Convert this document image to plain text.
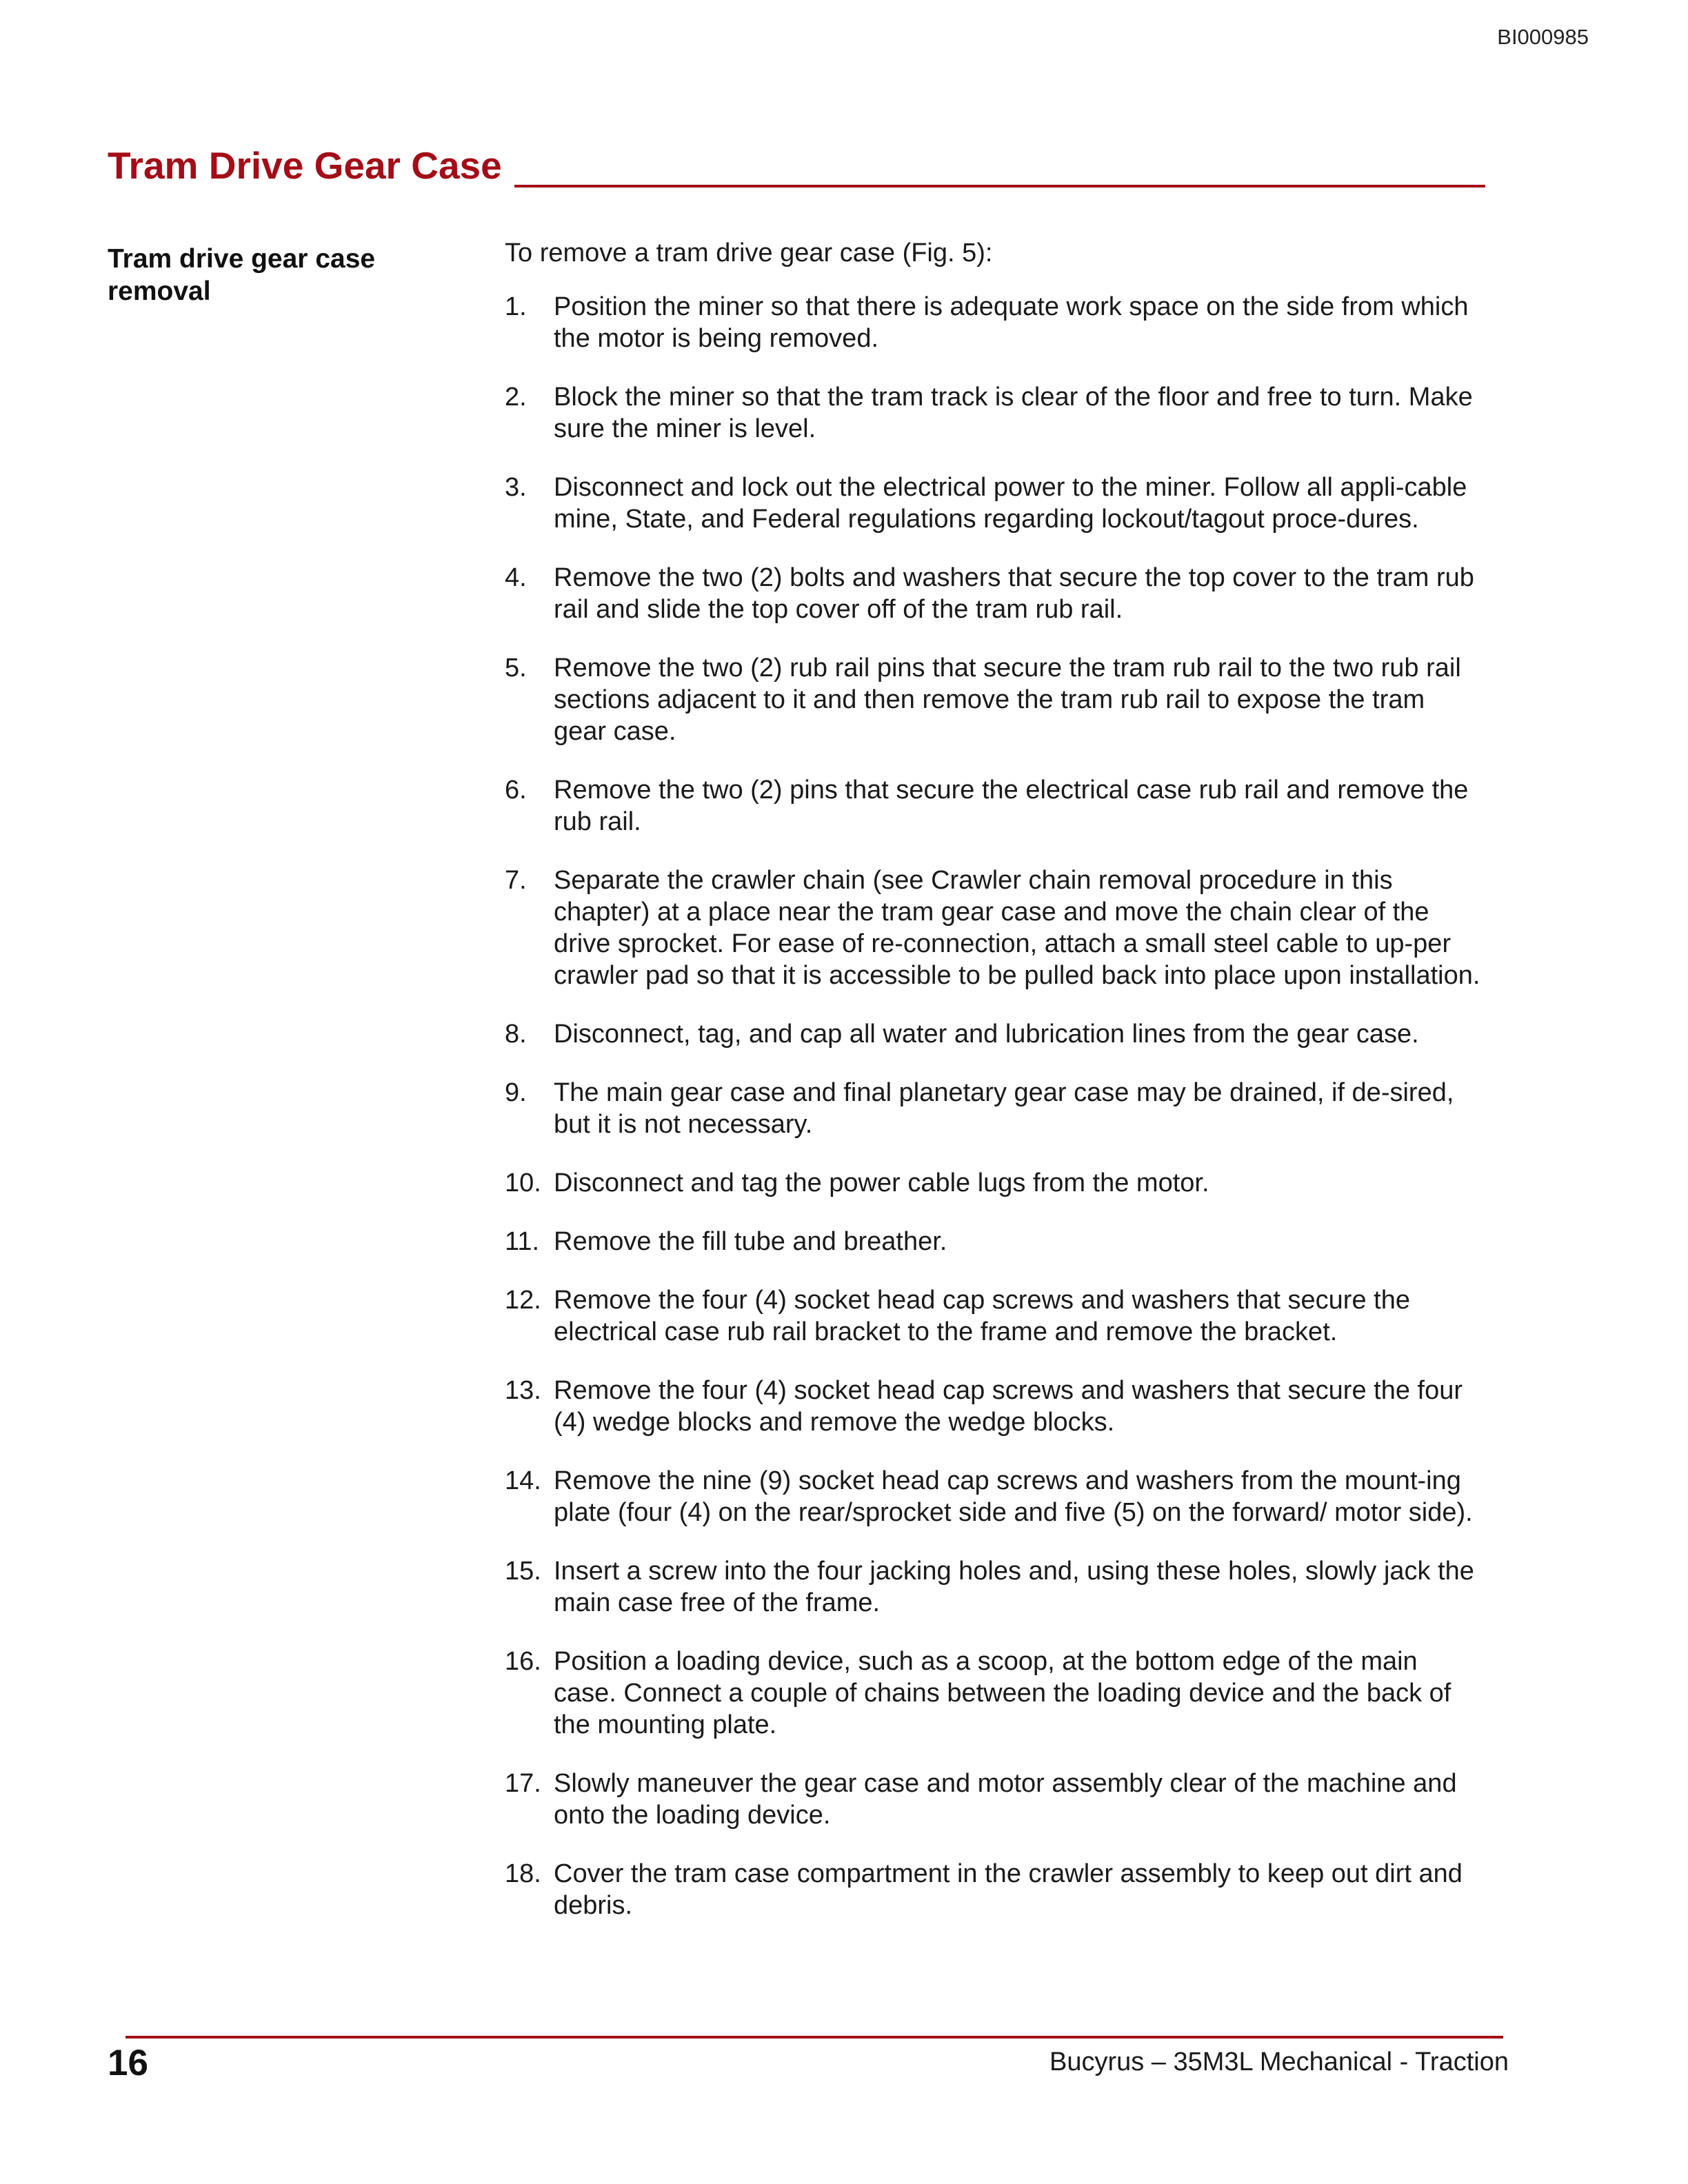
BI000985
Tram Drive Gear Case
Tram drive gear case removal

To remove a tram drive gear case (Fig. 5):

1.	Position the miner so that there is adequate work space on the side from which the motor is being removed.
2.	Block the miner so that the tram track is clear of the floor and free to turn. Make sure the miner is level.
3.	Disconnect and lock out the electrical power to the miner. Follow all appli-cable mine, State, and Federal regulations regarding lockout/tagout proce-dures.
4.	Remove the two (2) bolts and washers that secure the top cover to the tram rub rail and slide the top cover off of the tram rub rail.
5.	Remove the two (2) rub rail pins that secure the tram rub rail to the two rub rail sections adjacent to it and then remove the tram rub rail to expose the tram gear case.
6.	Remove the two (2) pins that secure the electrical case rub rail and remove the rub rail.
7.	Separate the crawler chain (see Crawler chain removal procedure in this chapter) at a place near the tram gear case and move the chain clear of the drive sprocket. For ease of re-connection, attach a small steel cable to up-per crawler pad so that it is accessible to be pulled back into place upon installation.
8.	Disconnect, tag, and cap all water and lubrication lines from the gear case.
9.	The main gear case and final planetary gear case may be drained, if de-sired, but it is not necessary.
10. Disconnect and tag the power cable lugs from the motor.
11. Remove the fill tube and breather.
12. Remove the four (4) socket head cap screws and washers that secure the electrical case rub rail bracket to the frame and remove the bracket.
13. Remove the four (4) socket head cap screws and washers that secure the four (4) wedge blocks and remove the wedge blocks.
14. Remove the nine (9) socket head cap screws and washers from the mount-ing plate (four (4) on the rear/sprocket side and five (5) on the forward/ motor side).
15. Insert a screw into the four jacking holes and, using these holes, slowly jack the main case free of the frame.
16. Position a loading device, such as a scoop, at the bottom edge of the main case. Connect a couple of chains between the loading device and the back of the mounting plate.
17. Slowly maneuver the gear case and motor assembly clear of the machine and onto the loading device.
18. Cover the tram case compartment in the crawler assembly to keep out dirt and debris.
16	Bucyrus – 35M3L Mechanical - Traction
